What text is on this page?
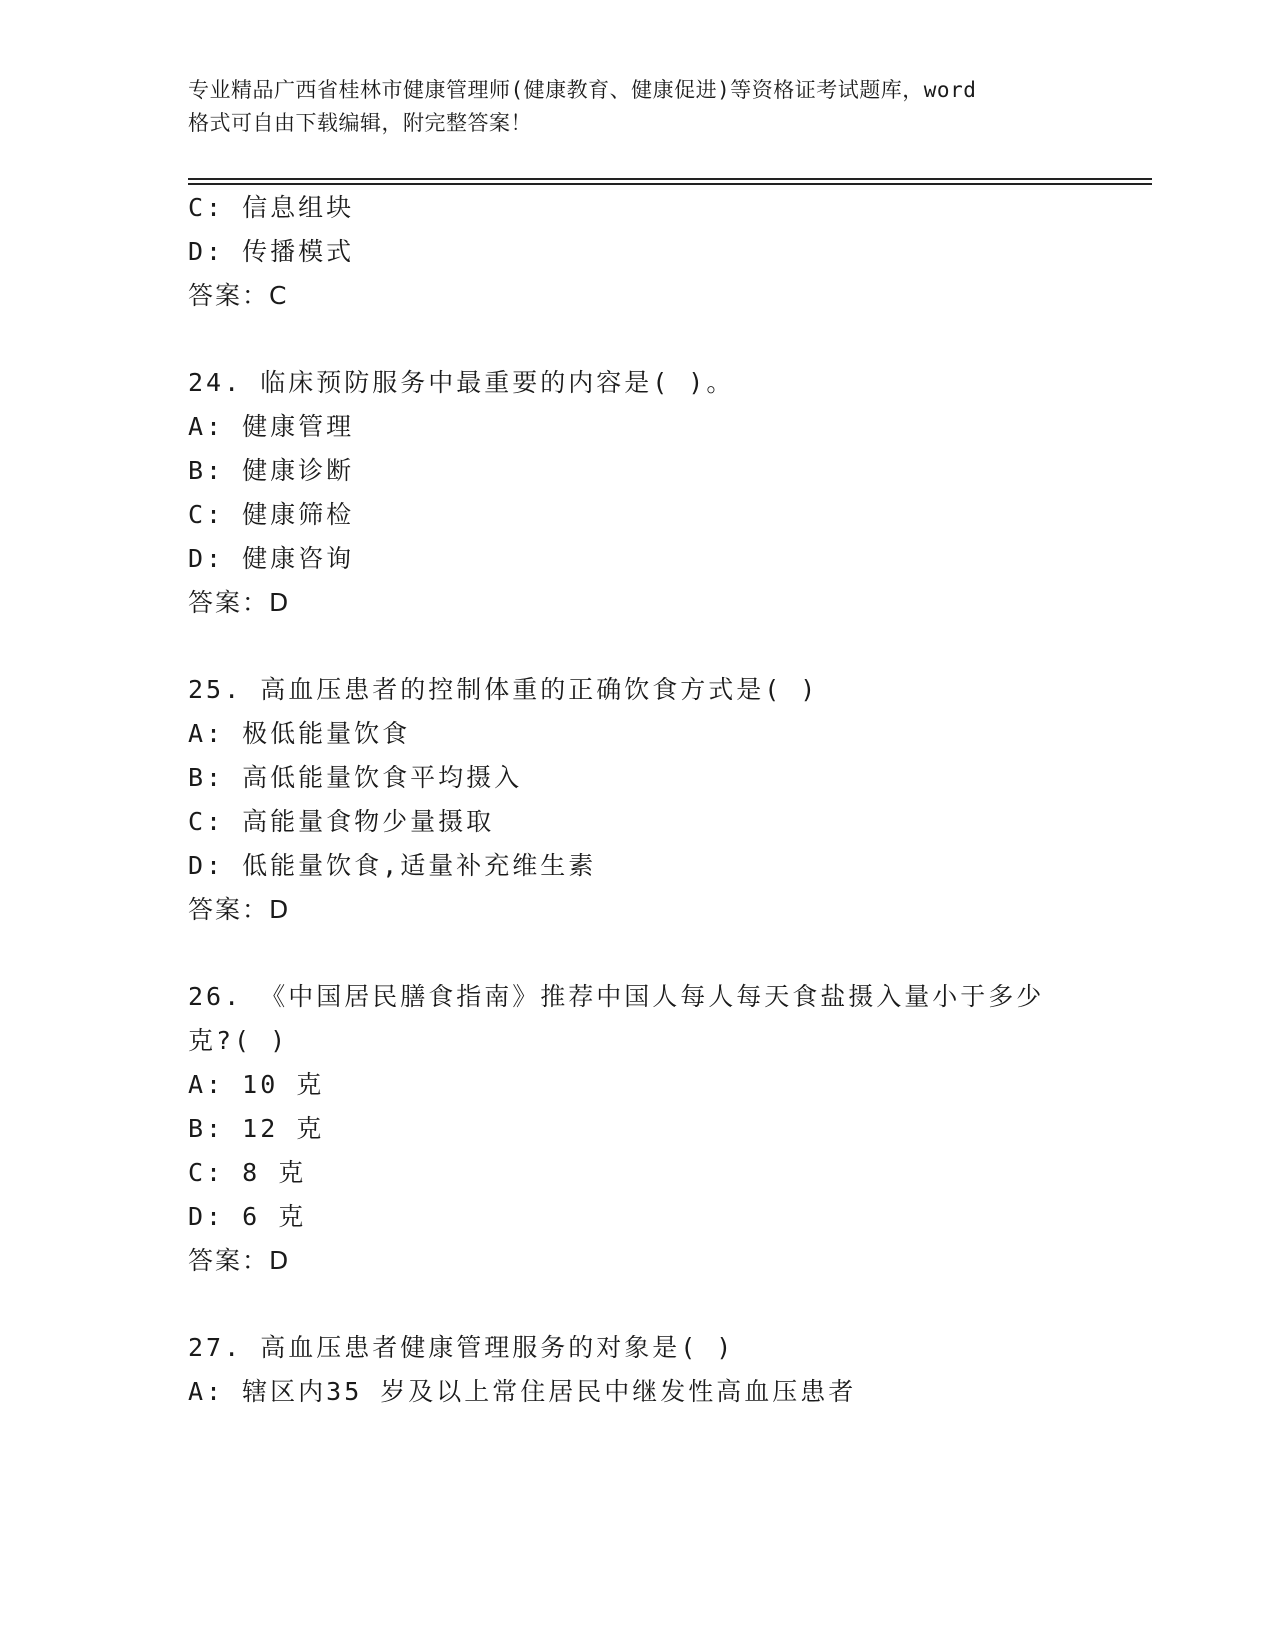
专业精品广西省桂林市健康管理师(健康教育、健康促进)等资格证考试题库，word
格式可自由下载编辑，附完整答案！
C: 信息组块
D: 传播模式
答案：C
24. 临床预防服务中最重要的内容是( )。
A: 健康管理
B: 健康诊断
C: 健康筛检
D: 健康咨询
答案：D
25. 高血压患者的控制体重的正确饮食方式是( )
A: 极低能量饮食
B: 高低能量饮食平均摄入
C: 高能量食物少量摄取
D: 低能量饮食,适量补充维生素
答案：D
26. 《中国居民膳食指南》推荐中国人每人每天食盐摄入量小于多少
克?( )
A: 10 克
B: 12 克
C: 8 克
D: 6 克
答案：D
27. 高血压患者健康管理服务的对象是( )
A: 辖区内35 岁及以上常住居民中继发性高血压患者
